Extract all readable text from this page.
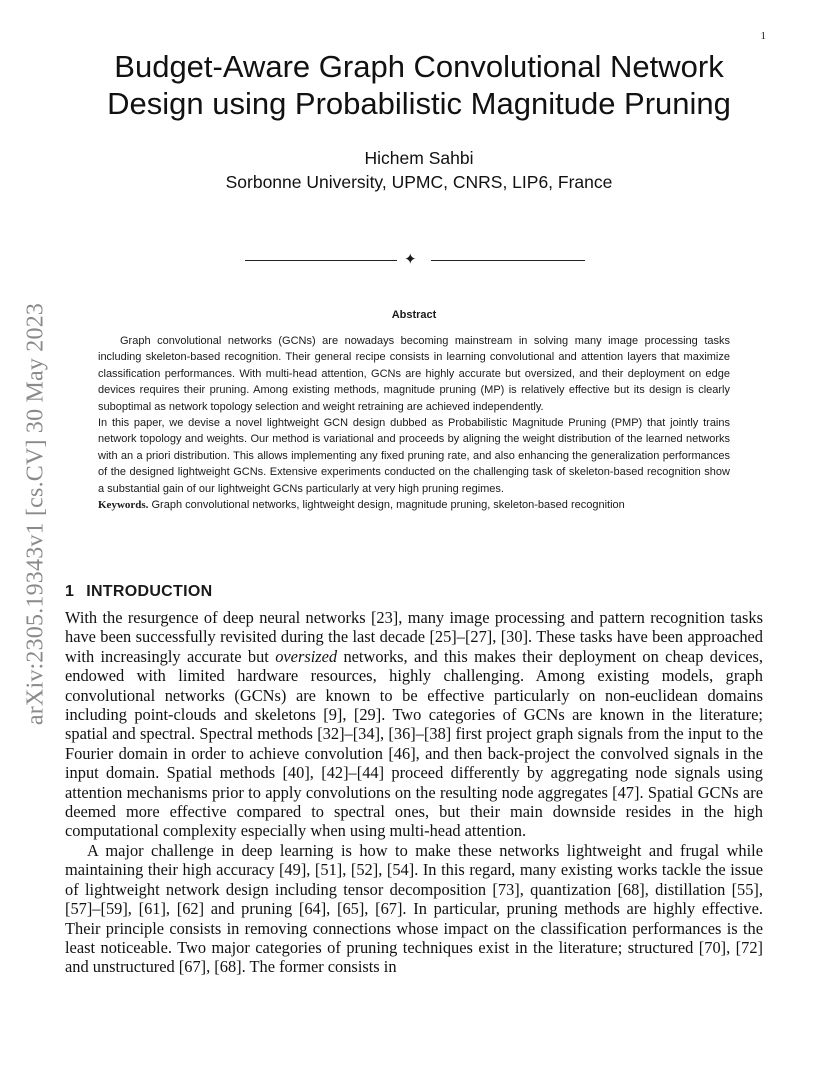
1
arXiv:2305.19343v1 [cs.CV] 30 May 2023
Budget-Aware Graph Convolutional Network
Design using Probabilistic Magnitude Pruning
Hichem Sahbi
Sorbonne University, UPMC, CNRS, LIP6, France
✦
Abstract

Graph convolutional networks (GCNs) are nowadays becoming mainstream in solving many image processing tasks including skeleton-based recognition. Their general recipe consists in learning convolutional and attention layers that maximize classification performances. With multi-head attention, GCNs are highly accurate but oversized, and their deployment on edge devices requires their pruning. Among existing methods, magnitude pruning (MP) is relatively effective but its design is clearly suboptimal as network topology selection and weight retraining are achieved independently.

In this paper, we devise a novel lightweight GCN design dubbed as Probabilistic Magnitude Pruning (PMP) that jointly trains network topology and weights. Our method is variational and proceeds by aligning the weight distribution of the learned networks with an a priori distribution. This allows implementing any fixed pruning rate, and also enhancing the generalization performances of the designed lightweight GCNs. Extensive experiments conducted on the challenging task of skeleton-based recognition show a substantial gain of our lightweight GCNs particularly at very high pruning regimes.

Keywords. Graph convolutional networks, lightweight design, magnitude pruning, skeleton-based recognition

1 INTRODUCTION

With the resurgence of deep neural networks [23], many image processing and pattern recognition tasks have been successfully revisited during the last decade [25]–[27], [30]. These tasks have been approached with increasingly accurate but oversized networks, and this makes their deployment on cheap devices, endowed with limited hardware resources, highly challenging. Among existing models, graph convolutional networks (GCNs) are known to be effective particularly on non-euclidean domains including point-clouds and skeletons [9], [29]. Two categories of GCNs are known in the literature; spatial and spectral. Spectral methods [32]–[34], [36]–[38] first project graph signals from the input to the Fourier domain in order to achieve convolution [46], and then back-project the convolved signals in the input domain. Spatial methods [40], [42]–[44] proceed differently by aggregating node signals using attention mechanisms prior to apply convolutions on the resulting node aggregates [47]. Spatial GCNs are deemed more effective compared to spectral ones, but their main downside resides in the high computational complexity especially when using multi-head attention.

A major challenge in deep learning is how to make these networks lightweight and frugal while maintaining their high accuracy [49], [51], [52], [54]. In this regard, many existing works tackle the issue of lightweight network design including tensor decomposition [73], quantization [68], distillation [55], [57]–[59], [61], [62] and pruning [64], [65], [67]. In particular, pruning methods are highly effective. Their principle consists in removing connections whose impact on the classification performances is the least noticeable. Two major categories of pruning techniques exist in the literature; structured [70], [72] and unstructured [67], [68]. The former consists in
